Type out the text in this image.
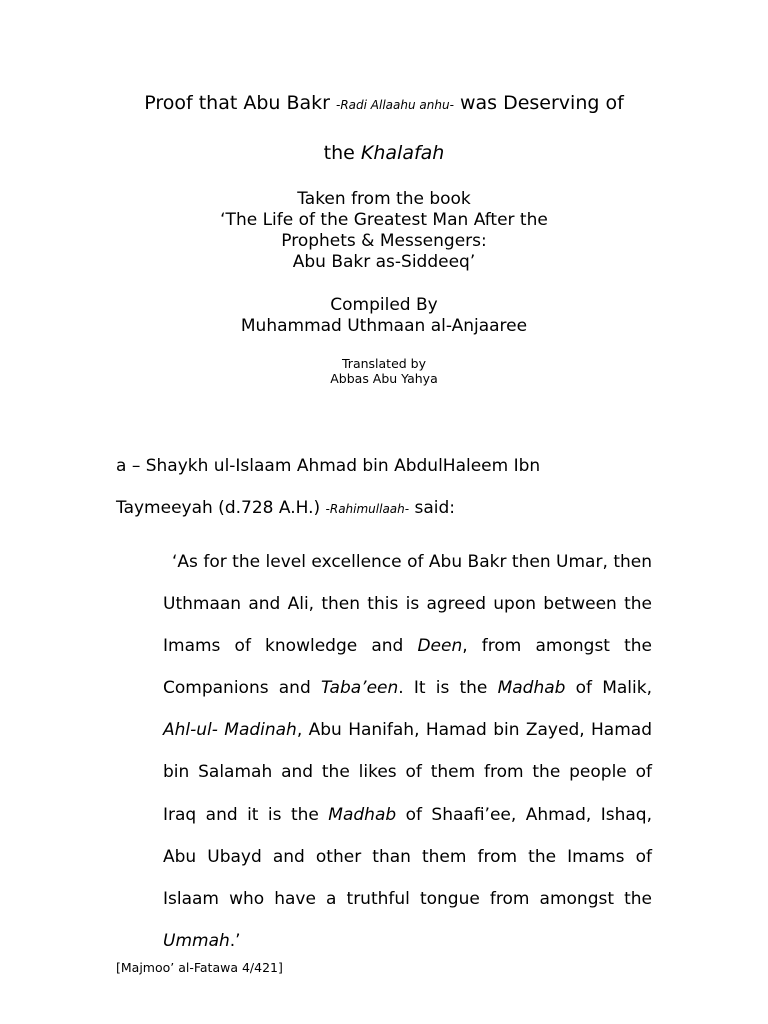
Proof that Abu Bakr -Radi Allaahu anhu- was Deserving of
the Khalafah
Taken from the book
‘The Life of the Greatest Man After the
Prophets & Messengers:
Abu Bakr as-Siddeeq’
Compiled By
Muhammad Uthmaan al-Anjaaree
Translated by
Abbas Abu Yahya
a – Shaykh ul-Islaam Ahmad bin AbdulHaleem Ibn
Taymeeyah (d.728 A.H.) -Rahimullaah- said:

‘As for the level excellence of Abu Bakr then Umar, then Uthmaan and Ali, then this is agreed upon between the Imams of knowledge and Deen, from amongst the Companions and Taba’een. It is the Madhab of Malik, Ahl-ul- Madinah, Abu Hanifah, Hamad bin Zayed, Hamad bin Salamah and the likes of them from the people of Iraq and it is the Madhab of Shaafi’ee, Ahmad, Ishaq, Abu Ubayd and other than them from the Imams of Islaam who have a truthful tongue from amongst the Ummah.’

[Majmoo’ al-Fatawa 4/421]
